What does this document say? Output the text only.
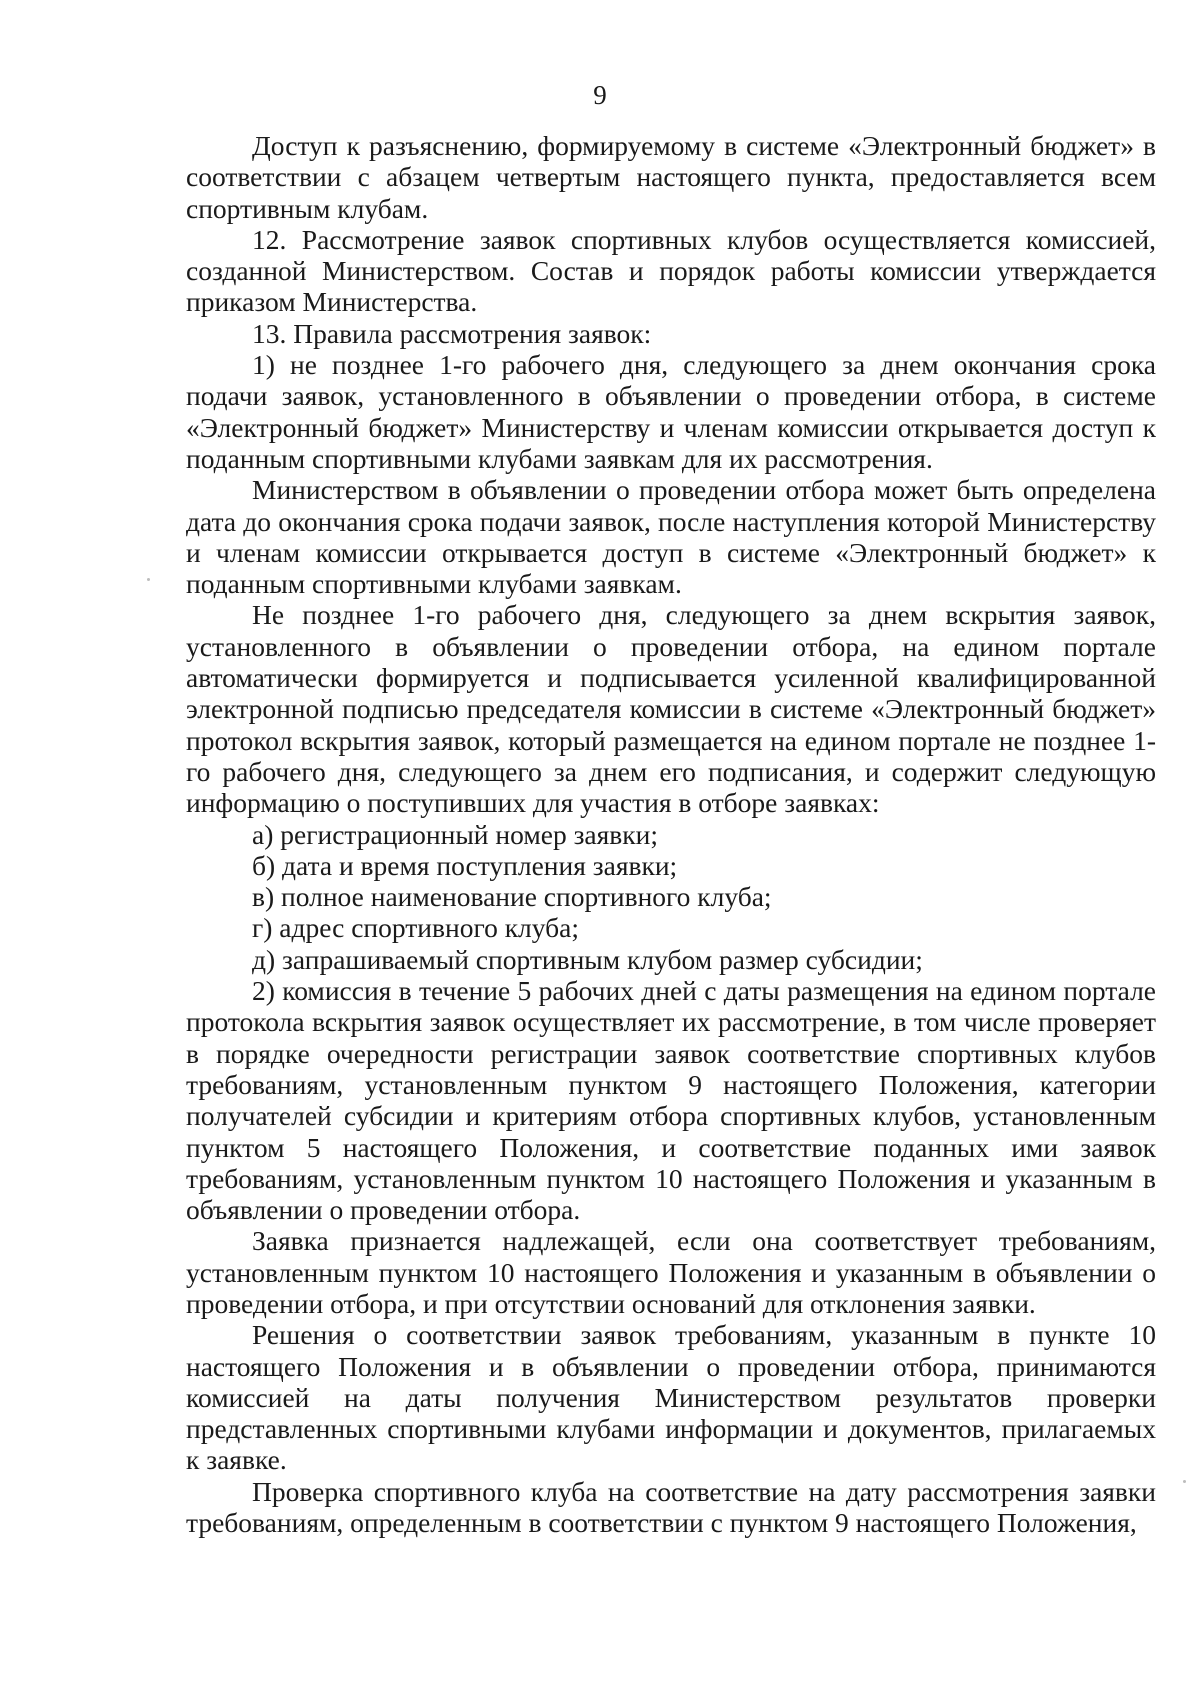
9

Доступ к разъяснению, формируемому в системе «Электронный бюджет» в соответствии с абзацем четвертым настоящего пункта, предоставляется всем спортивным клубам.

12. Рассмотрение заявок спортивных клубов осуществляется комиссией, созданной Министерством. Состав и порядок работы комиссии утверждается приказом Министерства.

13. Правила рассмотрения заявок:

1) не позднее 1-го рабочего дня, следующего за днем окончания срока подачи заявок, установленного в объявлении о проведении отбора, в системе «Электронный бюджет» Министерству и членам комиссии открывается доступ к поданным спортивными клубами заявкам для их рассмотрения.

Министерством в объявлении о проведении отбора может быть определена дата до окончания срока подачи заявок, после наступления которой Министерству и членам комиссии открывается доступ в системе «Электронный бюджет» к поданным спортивными клубами заявкам.

Не позднее 1-го рабочего дня, следующего за днем вскрытия заявок, установленного в объявлении о проведении отбора, на едином портале автоматически формируется и подписывается усиленной квалифицированной электронной подписью председателя комиссии в системе «Электронный бюджет» протокол вскрытия заявок, который размещается на едином портале не позднее 1-го рабочего дня, следующего за днем его подписания, и содержит следующую информацию о поступивших для участия в отборе заявках:

а) регистрационный номер заявки;

б) дата и время поступления заявки;

в) полное наименование спортивного клуба;

г) адрес спортивного клуба;

д) запрашиваемый спортивным клубом размер субсидии;

2) комиссия в течение 5 рабочих дней с даты размещения на едином портале протокола вскрытия заявок осуществляет их рассмотрение, в том числе проверяет в порядке очередности регистрации заявок соответствие спортивных клубов требованиям, установленным пунктом 9 настоящего Положения, категории получателей субсидии и критериям отбора спортивных клубов, установленным пунктом 5 настоящего Положения, и соответствие поданных ими заявок требованиям, установленным пунктом 10 настоящего Положения и указанным в объявлении о проведении отбора.

Заявка признается надлежащей, если она соответствует требованиям, установленным пунктом 10 настоящего Положения и указанным в объявлении о проведении отбора, и при отсутствии оснований для отклонения заявки.

Решения о соответствии заявок требованиям, указанным в пункте 10 настоящего Положения и в объявлении о проведении отбора, принимаются комиссией на даты получения Министерством результатов проверки представленных спортивными клубами информации и документов, прилагаемых к заявке.

Проверка спортивного клуба на соответствие на дату рассмотрения заявки требованиям, определенным в соответствии с пунктом 9 настоящего Положения,
